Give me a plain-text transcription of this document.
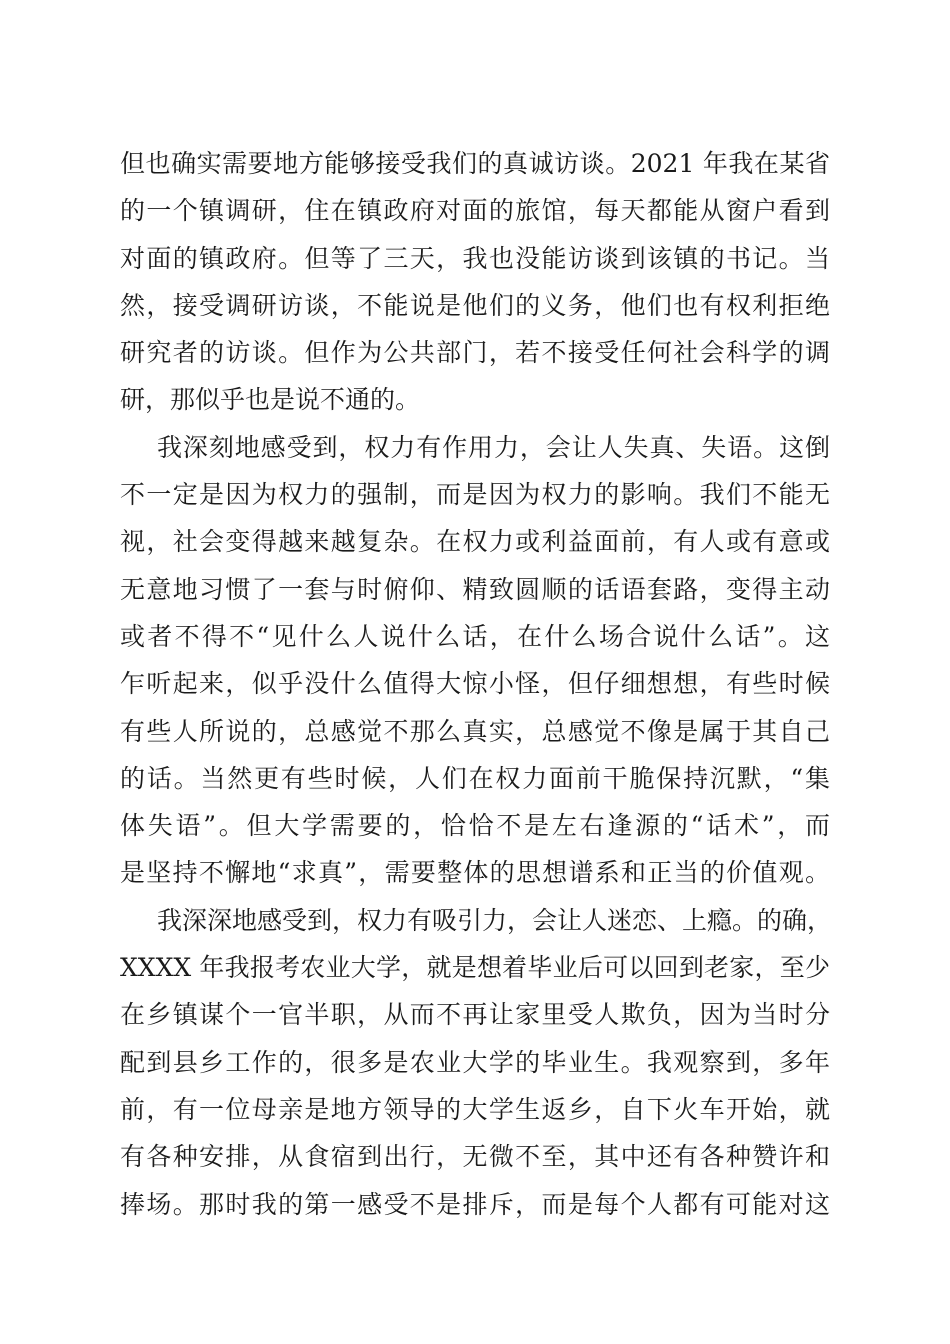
但也确实需要地方能够接受我们的真诚访谈。2021 年我在某省
的一个镇调研，住在镇政府对面的旅馆，每天都能从窗户看到
对面的镇政府。但等了三天，我也没能访谈到该镇的书记。当
然，接受调研访谈，不能说是他们的义务，他们也有权利拒绝
研究者的访谈。但作为公共部门，若不接受任何社会科学的调
研，那似乎也是说不通的。
我深刻地感受到，权力有作用力，会让人失真、失语。这倒
不一定是因为权力的强制，而是因为权力的影响。我们不能无
视，社会变得越来越复杂。在权力或利益面前，有人或有意或
无意地习惯了一套与时俯仰、精致圆顺的话语套路，变得主动
或者不得不“见什么人说什么话，在什么场合说什么话”。这
乍听起来，似乎没什么值得大惊小怪，但仔细想想，有些时候
有些人所说的，总感觉不那么真实，总感觉不像是属于其自己
的话。当然更有些时候，人们在权力面前干脆保持沉默，“集
体失语”。但大学需要的，恰恰不是左右逢源的“话术”，而
是坚持不懈地“求真”，需要整体的思想谱系和正当的价值观。
我深深地感受到，权力有吸引力，会让人迷恋、上瘾。的确，
XXXX 年我报考农业大学，就是想着毕业后可以回到老家，至少
在乡镇谋个一官半职，从而不再让家里受人欺负，因为当时分
配到县乡工作的，很多是农业大学的毕业生。我观察到，多年
前，有一位母亲是地方领导的大学生返乡，自下火车开始，就
有各种安排，从食宿到出行，无微不至，其中还有各种赞许和
捧场。那时我的第一感受不是排斥，而是每个人都有可能对这
